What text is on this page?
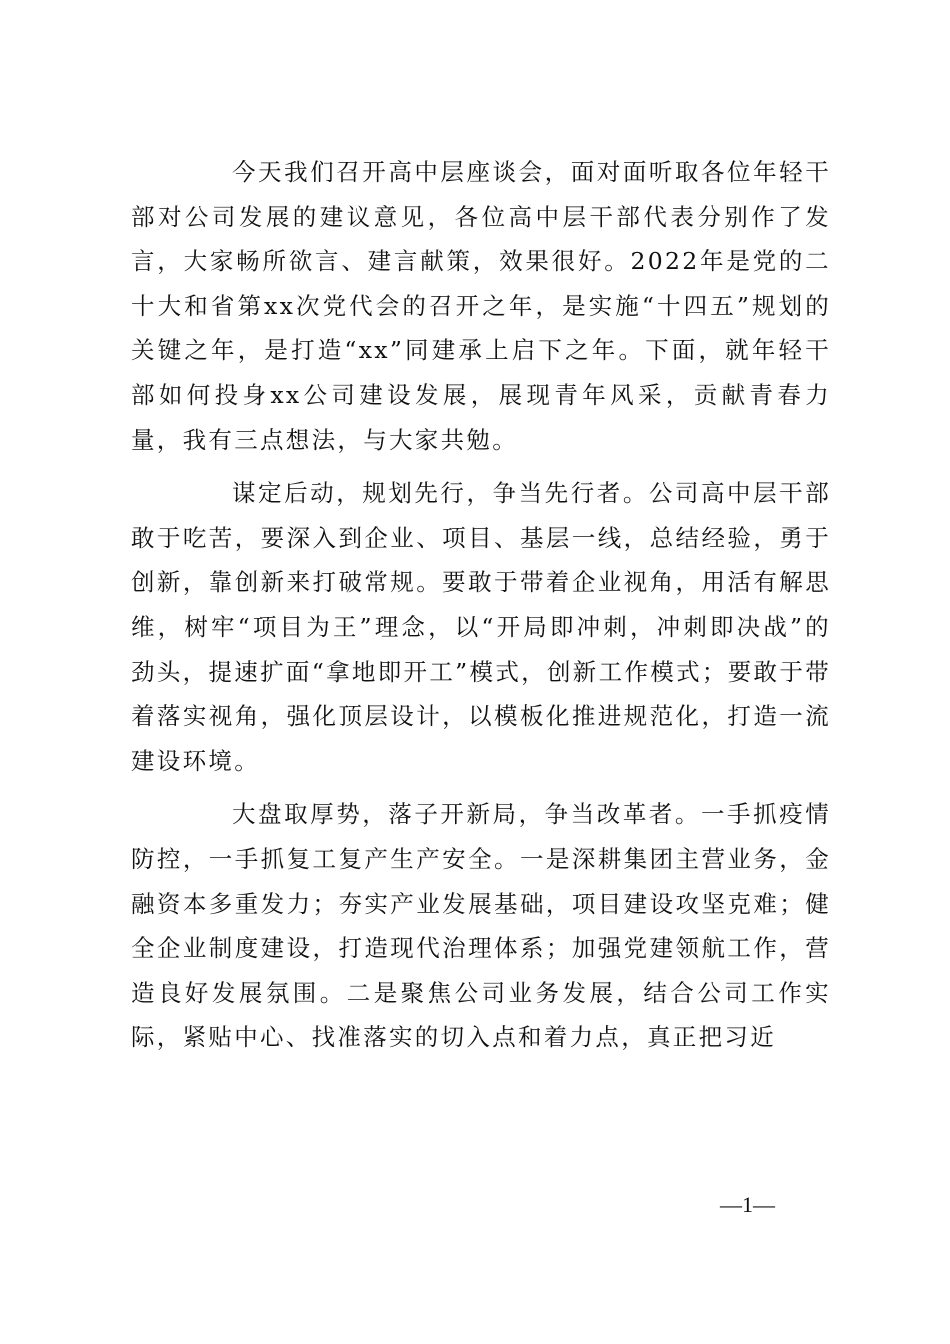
今天我们召开高中层座谈会，面对面听取各位年轻干部对公司发展的建议意见，各位高中层干部代表分别作了发言，大家畅所欲言、建言献策，效果很好。2022年是党的二十大和省第xx次党代会的召开之年，是实施“十四五”规划的关键之年，是打造“xx”同建承上启下之年。下面，就年轻干部如何投身xx公司建设发展，展现青年风采，贡献青春力量，我有三点想法，与大家共勉。

谋定后动，规划先行，争当先行者。公司高中层干部敢于吃苦，要深入到企业、项目、基层一线，总结经验，勇于创新，靠创新来打破常规。要敢于带着企业视角，用活有解思维，树牢“项目为王”理念，以“开局即冲刺，冲刺即决战”的劲头，提速扩面“拿地即开工”模式，创新工作模式；要敢于带着落实视角，强化顶层设计，以模板化推进规范化，打造一流建设环境。

大盘取厚势，落子开新局，争当改革者。一手抓疫情防控，一手抓复工复产生产安全。一是深耕集团主营业务，金融资本多重发力；夯实产业发展基础，项目建设攻坚克难；健全企业制度建设，打造现代治理体系；加强党建领航工作，营造良好发展氛围。二是聚焦公司业务发展，结合公司工作实际，紧贴中心、找准落实的切入点和着力点，真正把习近

—1—
